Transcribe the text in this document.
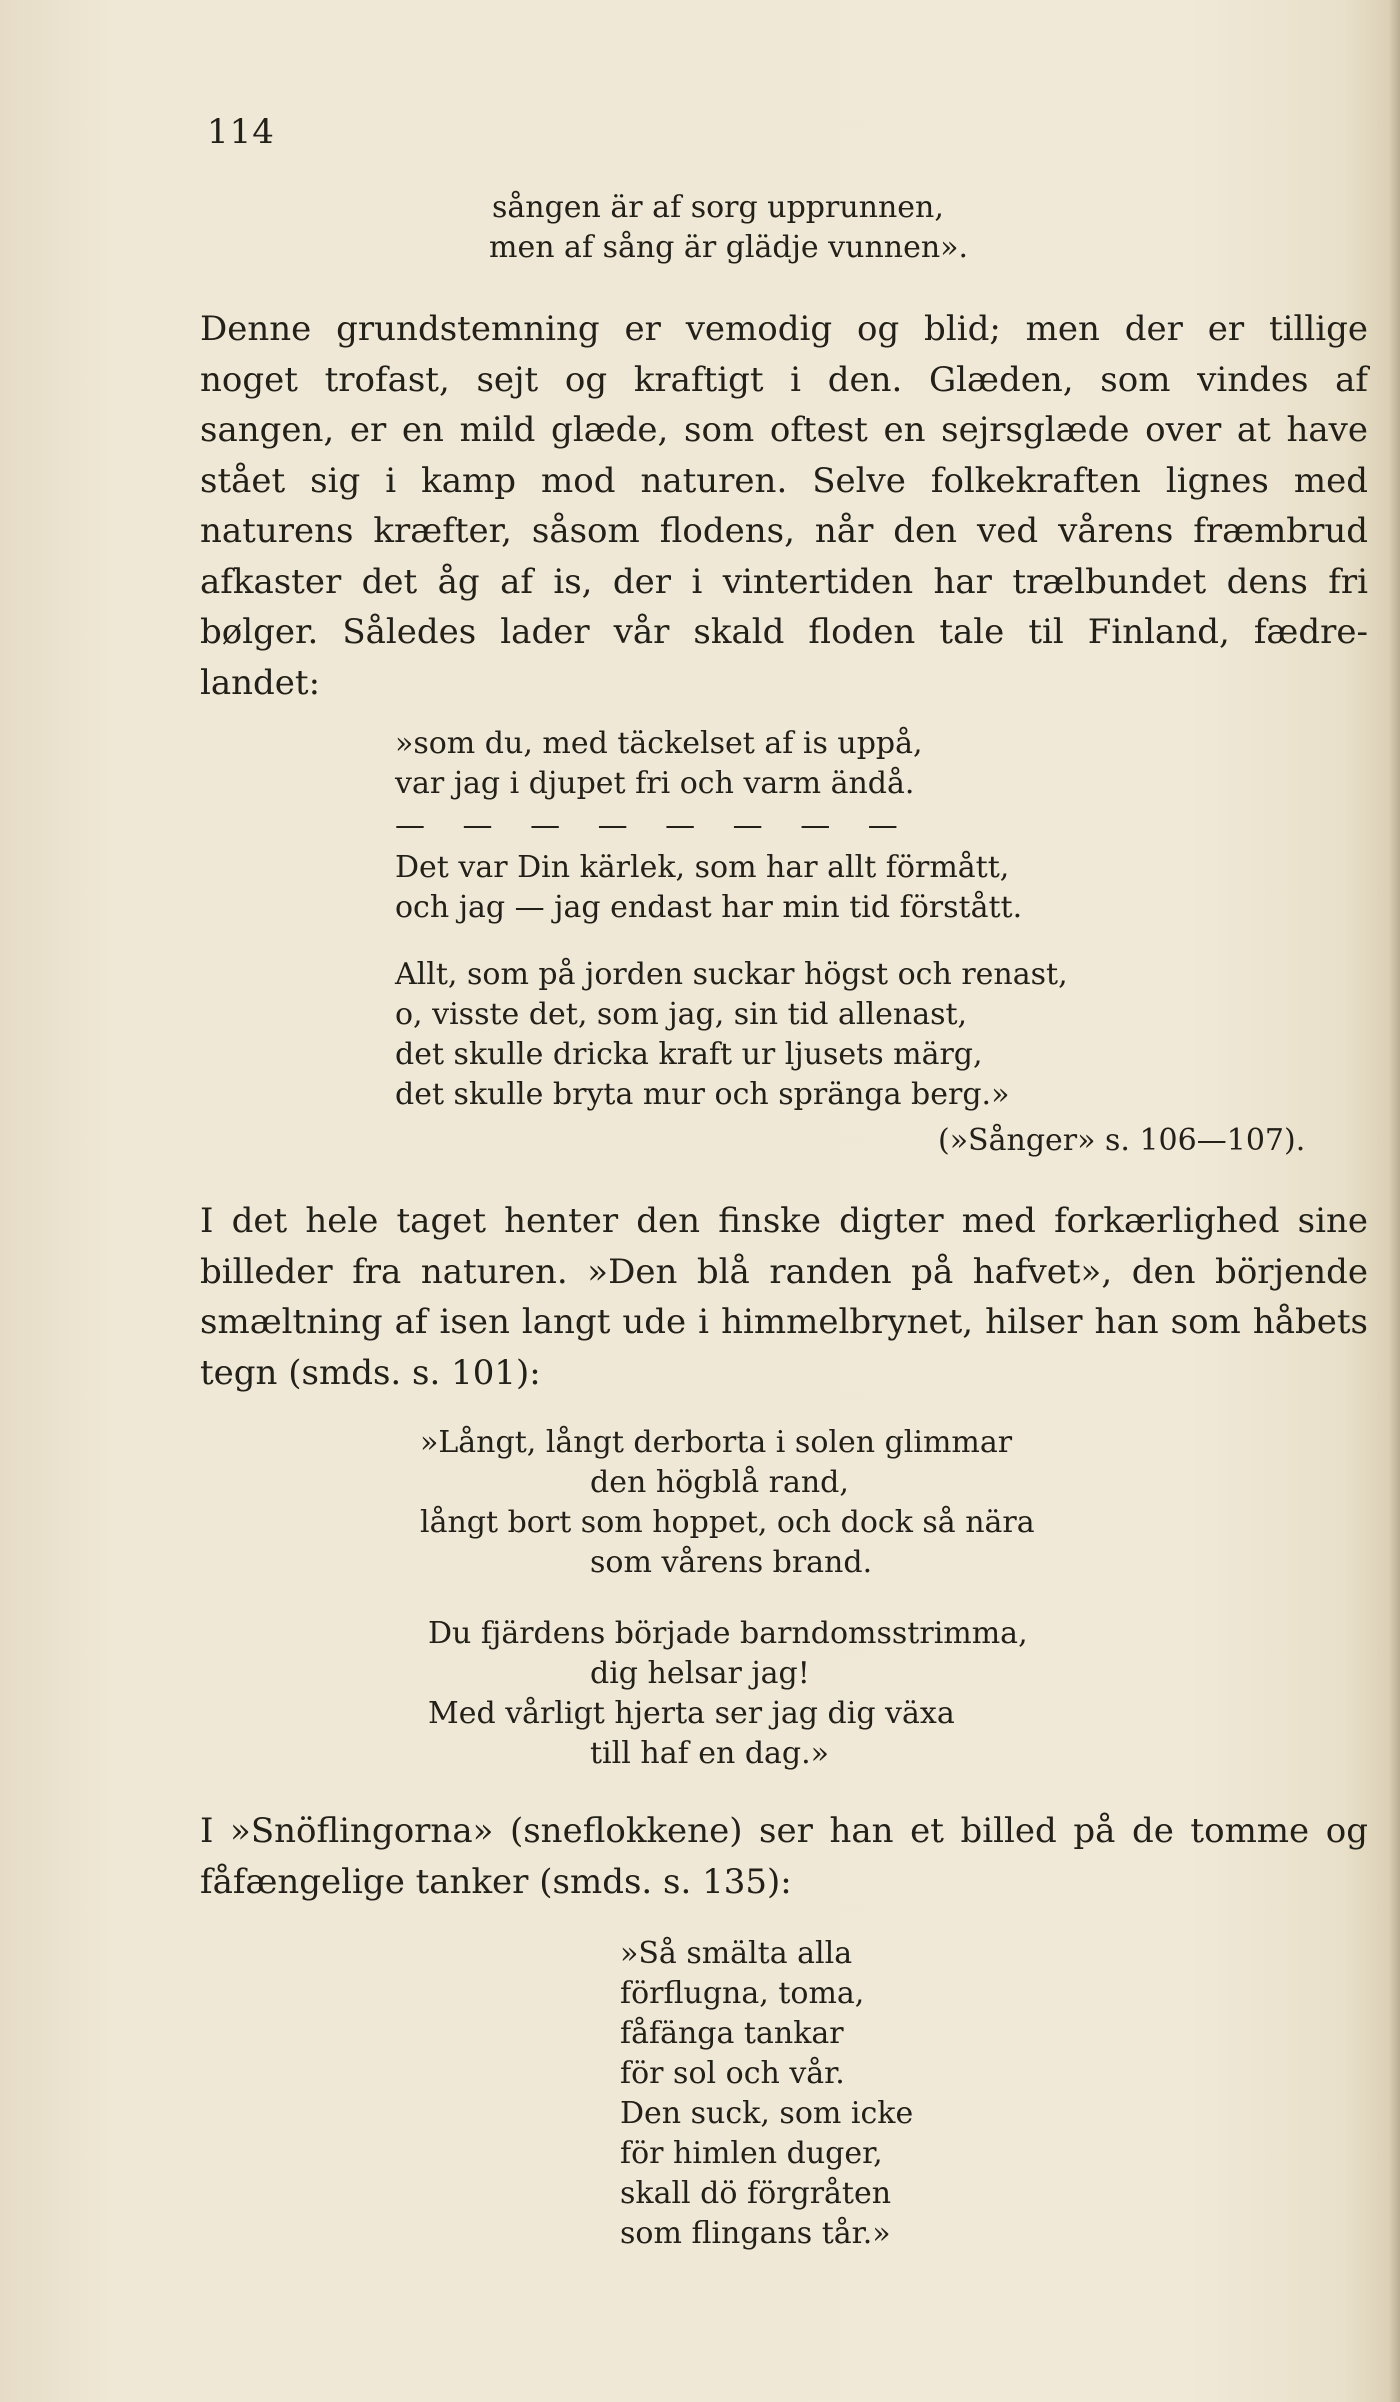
114
sången är af sorg upprunnen,
men af sång är glädje vunnen».
Denne grundstemning er vemodig og blid; men der er tillige
noget trofast, sejt og kraftigt i den. Glæden, som vindes af
sangen, er en mild glæde, som oftest en sejrsglæde over at have
stået sig i kamp mod naturen. Selve folkekraften lignes med
naturens kræfter, såsom flodens, når den ved vårens fræmbrud
afkaster det åg af is, der i vintertiden har trælbundet dens fri
bølger. Således lader vår skald floden tale til Finland, fædre-
landet:
»som du, med täckelset af is uppå,
var jag i djupet fri och varm ändå.
— — — — — — — —
Det var Din kärlek, som har allt förmått,
och jag — jag endast har min tid förstått.
Allt, som på jorden suckar högst och renast,
o, visste det, som jag, sin tid allenast,
det skulle dricka kraft ur ljusets märg,
det skulle bryta mur och spränga berg.»
(»Sånger» s. 106—107).
I det hele taget henter den finske digter med forkærlighed sine
billeder fra naturen. »Den blå randen på hafvet», den börjende
smæltning af isen langt ude i himmelbrynet, hilser han som håbets
tegn (smds. s. 101):
»Långt, långt derborta i solen glimmar
den högblå rand,
långt bort som hoppet, och dock så nära
som vårens brand.
Du fjärdens började barndomsstrimma,
dig helsar jag!
Med vårligt hjerta ser jag dig växa
till haf en dag.»
I »Snöflingorna» (sneflokkene) ser han et billed på de tomme og
fåfængelige tanker (smds. s. 135):
»Så smälta alla
förflugna, toma,
fåfänga tankar
för sol och vår.
Den suck, som icke
för himlen duger,
skall dö förgråten
som flingans tår.»
